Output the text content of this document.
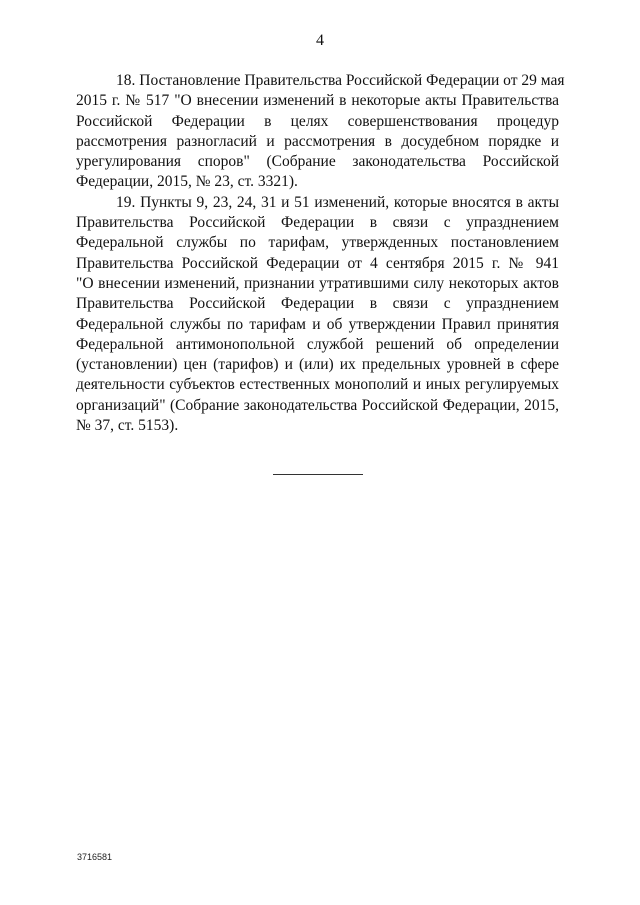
4

18. Постановление Правительства Российской Федерации от 29 мая
2015 г. № 517 "О внесении изменений в некоторые акты Правительства
Российской Федерации в целях совершенствования процедур
рассмотрения разногласий и рассмотрения в досудебном порядке и
урегулирования споров" (Собрание законодательства Российской
Федерации, 2015, № 23, ст. 3321).

19. Пункты 9, 23, 24, 31 и 51 изменений, которые вносятся в акты
Правительства Российской Федерации в связи с упразднением
Федеральной службы по тарифам, утвержденных постановлением
Правительства Российской Федерации от 4 сентября 2015 г. № 941
"О внесении изменений, признании утратившими силу некоторых актов
Правительства Российской Федерации в связи с упразднением
Федеральной службы по тарифам и об утверждении Правил принятия
Федеральной антимонопольной службой решений об определении
(установлении) цен (тарифов) и (или) их предельных уровней в сфере
деятельности субъектов естественных монополий и иных регулируемых
организаций" (Собрание законодательства Российской Федерации, 2015,
№ 37, ст. 5153).

3716581
